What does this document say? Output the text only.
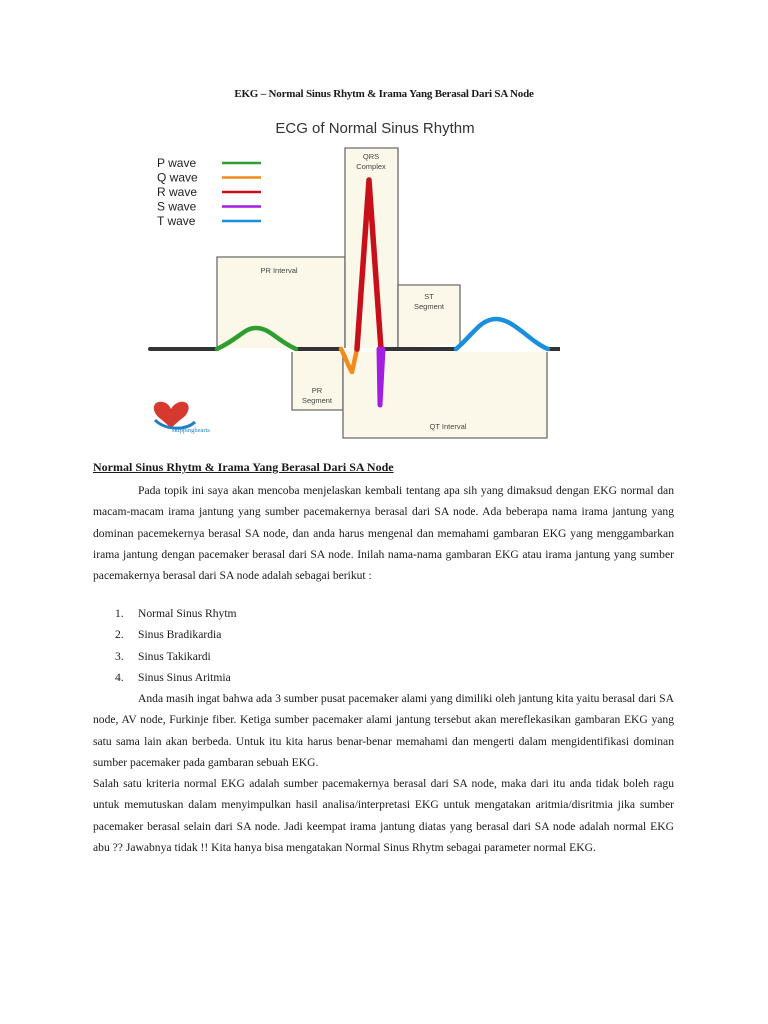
EKG – Normal Sinus Rhytm & Irama Yang Berasal Dari SA Node
ECG of Normal Sinus Rhythm
QRS
Complex
PR Interval
ST
Segment
PR
Segment
QT Interval
P wave
Q wave
R wave
S wave
T wave
skippinghearts
Normal Sinus Rhytm & Irama Yang Berasal Dari SA Node

Pada topik ini saya akan mencoba menjelaskan kembali tentang apa sih yang dimaksud dengan EKG normal dan macam-macam irama jantung yang sumber pacemakernya berasal dari SA node. Ada beberapa nama irama jantung yang dominan pacemekernya berasal SA node, dan anda harus mengenal dan memahami gambaran EKG yang menggambarkan irama jantung dengan pacemaker berasal dari SA node. Inilah nama-nama gambaran EKG atau irama jantung yang sumber pacemakernya berasal dari SA node adalah sebagai berikut :

1. Normal Sinus Rhytm
2. Sinus Bradikardia
3. Sinus Takikardi
4. Sinus Sinus Aritmia

Anda masih ingat bahwa ada 3 sumber pusat pacemaker alami yang dimiliki oleh jantung kita yaitu berasal dari SA node, AV node, Furkinje fiber. Ketiga sumber pacemaker alami jantung tersebut akan mereflekasikan gambaran EKG yang satu sama lain akan berbeda. Untuk itu kita harus benar-benar memahami dan mengerti dalam mengidentifikasi dominan sumber pacemaker pada gambaran sebuah EKG.

Salah satu kriteria normal EKG adalah sumber pacemakernya berasal dari SA node, maka dari itu anda tidak boleh ragu untuk memutuskan dalam menyimpulkan hasil analisa/interpretasi EKG untuk mengatakan aritmia/disritmia jika sumber pacemaker berasal selain dari SA node. Jadi keempat irama jantung diatas yang berasal dari SA node adalah normal EKG abu ?? Jawabnya tidak !! Kita hanya bisa mengatakan Normal Sinus Rhytm sebagai parameter normal EKG.
